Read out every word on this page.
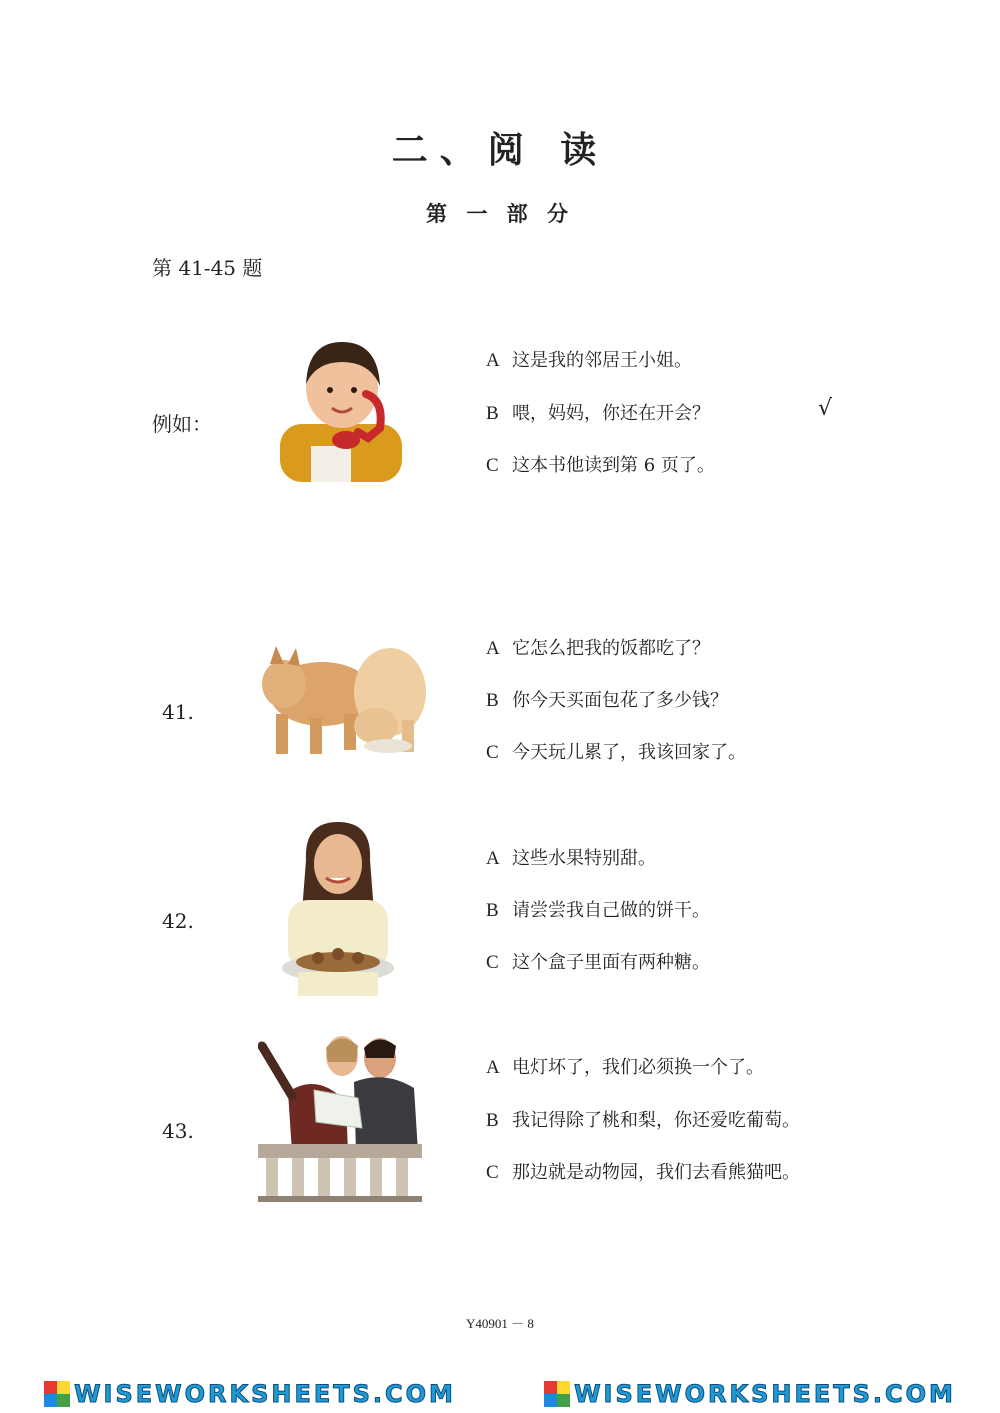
二、阅 读
第 一 部 分
第 41-45 题
例如：
A 这是我的邻居王小姐。
B 喂，妈妈，你还在开会？
C 这本书他读到第 6 页了。
√
41.
A 它怎么把我的饭都吃了？
B 你今天买面包花了多少钱？
C 今天玩儿累了，我该回家了。
42.
A 这些水果特别甜。
B 请尝尝我自己做的饼干。
C 这个盒子里面有两种糖。
43.
A 电灯坏了，我们必须换一个了。
B 我记得除了桃和梨，你还爱吃葡萄。
C 那边就是动物园，我们去看熊猫吧。
Y40901 － 8
WISEWORKSHEETS.COM	WISEWORKSHEETS.COM
